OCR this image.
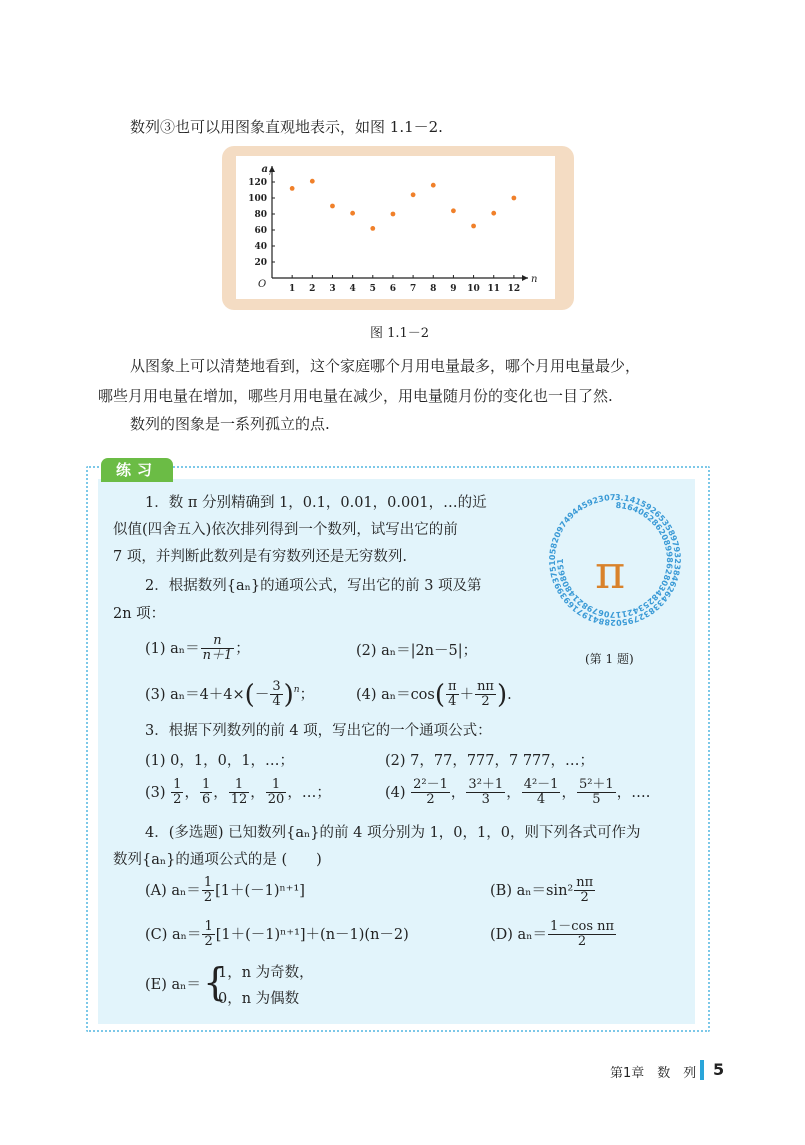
数列③也可以用图象直观地表示，如图 1.1－2.
a n
n
O	1 2 3 4 5 6 7 8 9 10 11 12
20
40
60
80
100
120
图 1.1－2
从图象上可以清楚地看到，这个家庭哪个月用电量最多，哪个月用电量最少，
哪些月用电量在增加，哪些月用电量在减少，用电量随月份的变化也一目了然.
数列的图象是一系列孤立的点.
练习
1．数 π 分别精确到 1，0.1，0.01，0.001，…的近
似值(四舍五入)依次排列得到一个数列，试写出它的前
7 项，并判断此数列是有穷数列还是无穷数列.
2．根据数列{aₙ}的通项公式，写出它的前 3 项及第
2n 项：
(1) $a_n= \frac{n}{n+1}$ ；	(2) aₙ＝|2n－5|；
(3) $a_n=4+4\times(- \frac{3}{4} )^n$；	(4) $a_n=\cos( \frac{\pi}{4} + \frac{n\pi}{2}$ ).
3.14159265358979323846264338327950288419716939937510582097494459230781640628620899862803482534211706798214808651 π
(第 1 题)
3．根据下列数列的前 4 项，写出它的一个通项公式：
(1) 0，1，0，1，…；	(2) 7，77，777，7 777，…；
$(3) \frac{1}{2}$ ， $\frac{1}{6}$ ， $\frac{1}{12}$ ， $\frac{1}{20}$ ，…；	$(4) \frac{\text{2²－1}}{2}$ ， $\frac{\text{3²＋1}}{3}$ ， $\frac{\text{4²－1}}{4}$ ， $\frac{\text{5²＋1}}{5}$ ，….
4．(多选题) 已知数列{aₙ}的前 4 项分别为 1，0，1，0，则下列各式可作为
数列{aₙ}的通项公式的是 (　　)
(A) $a_n= \frac{1}{2} [1+(-1)^{n+1}]$	(B) $a_n=\sin^2 \frac{n\pi}{2}$
(C) $a_n= \frac{1}{2} [1+(-1)^{n+1}]+(n-1)(n-2)$	(D) $a_n= \frac{\text{1－cos nπ}}{2}$
(E) aₙ＝ {
1，n 为奇数，
0，n 为偶数
第1章　数　列 5
